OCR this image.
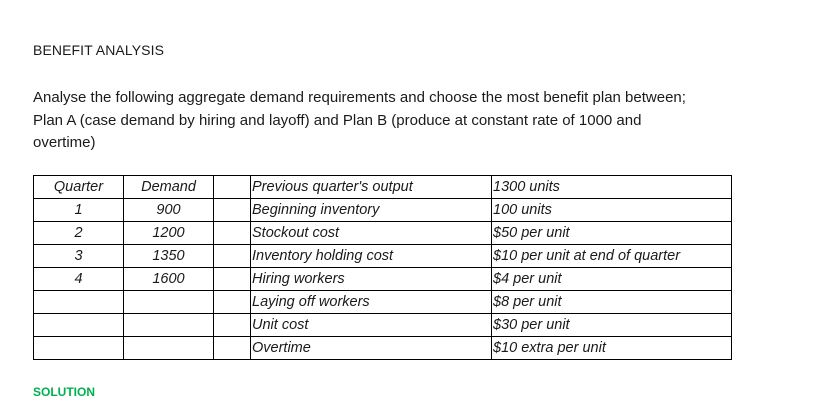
BENEFIT ANALYSIS
Analyse the following aggregate demand requirements and choose the most benefit plan between;
Plan A (case demand by hiring and layoff) and Plan B (produce at constant rate of 1000 and
overtime)
Quarter	Demand	
1	900	
2	1200	
3	1350	
4	1600	

Previous quarter's output	1300 units
Beginning inventory	100 units
Stockout cost	$50 per unit
Inventory holding cost	$10 per unit at end of quarter
Hiring workers	$4 per unit
Laying off workers	$8 per unit
Unit cost	$30 per unit
Overtime	$10 extra per unit
SOLUTION
